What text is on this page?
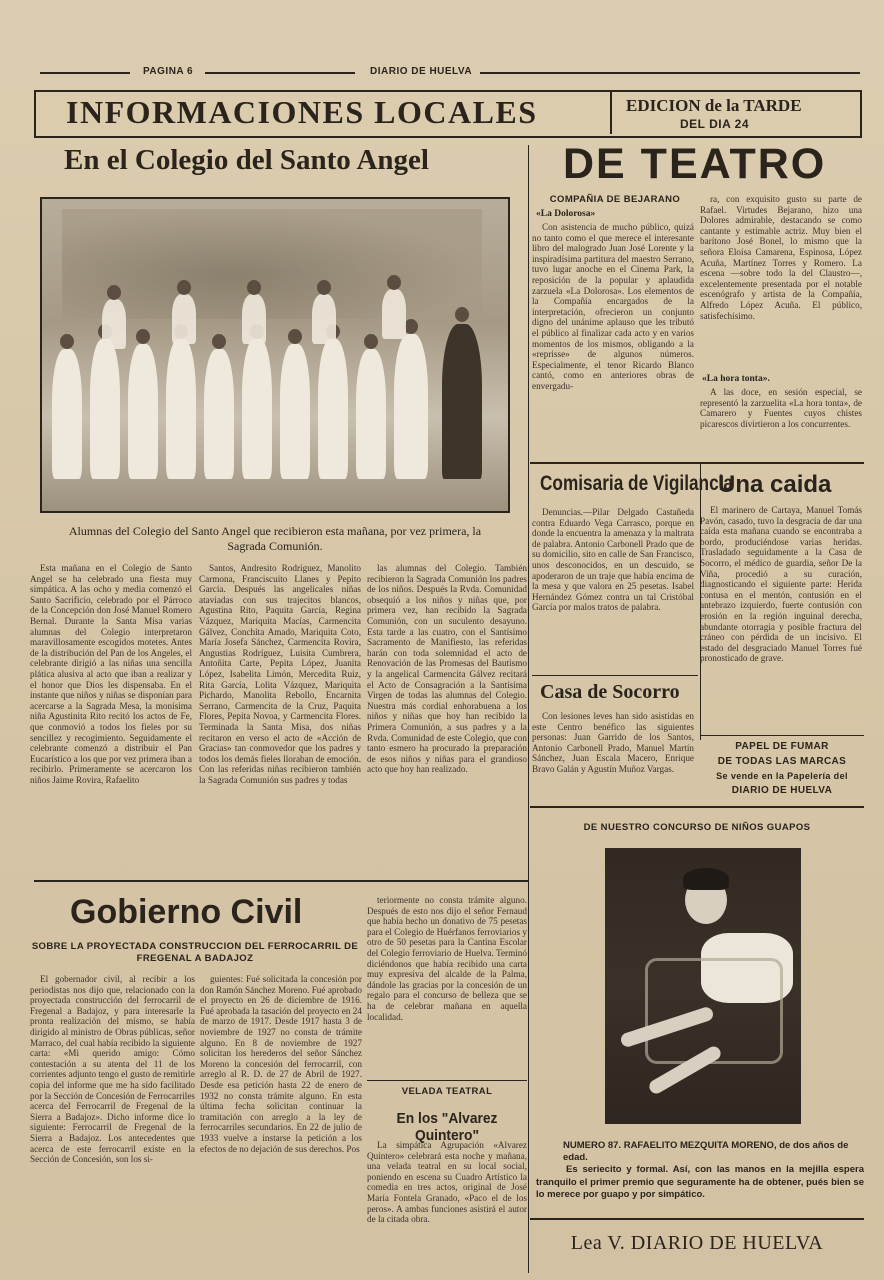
PAGINA 6	DIARIO DE HUELVA
INFORMACIONES LOCALES	EDICION de la TARDE
DEL DIA 24
En el Colegio del Santo Angel
Alumnas del Colegio del Santo Angel que recibieron esta mañana, por vez primera, la Sagrada Comunión.

Esta mañana en el Colegio de Santo Angel se ha celebrado una fiesta muy simpática. A las ocho y media comenzó el Santo Sacrificio, celebrado por el Párroco de la Concepción don José Manuel Romero Bernal. Durante la Santa Misa varias alumnas del Colegio interpretaron maravillosamente escogidos motetes. Antes de la distribución del Pan de los Angeles, el celebrante dirigió a las niñas una sencilla plática alusiva al acto que iban a realizar y el honor que Dios les dispensaba. En el instante que niños y niñas se disponían para acercarse a la Sagrada Mesa, la monísima niña Agustinita Rito recitó los actos de Fe, que conmovió a todos los fieles por su sencillez y recogimiento. Seguidamente el celebrante comenzó a distribuir el Pan Eucarístico a los que por vez primera iban a recibirlo. Primeramente se acercaron los niños Jaime Rovira, Rafaelito

Santos, Andresito Rodríguez, Manolito Carmona, Franciscuito Llanes y Pepito García. Después las angelicales niñas ataviadas con sus trajecitos blancos, Agustina Rito, Paquita García, Regina Vázquez, Mariquita Macías, Carmencita Gálvez, Conchita Amado, Mariquita Coto, María Josefa Sánchez, Carmencita Rovira, Angustias Rodríguez, Luisita Cumbrera, Antoñita Carte, Pepita López, Juanita López, Isabelita Limón, Mercedita Ruiz, Rita García, Lolita Vázquez, Mariquita Pichardo, Manolita Rebollo, Encarnita Serrano, Carmencita de la Cruz, Paquita Flores, Pepita Novoa, y Carmencita Flores. Terminada la Santa Misa, dos niñas recitaron en verso el acto de «Acción de Gracias» tan conmovedor que los padres y todos los demás fieles lloraban de emoción. Con las referidas niñas recibieron también la Sagrada Comunión sus padres y todas

las alumnas del Colegio. También recibieron la Sagrada Comunión los padres de los niños. Después la Rvda. Comunidad obsequió a los niños y niñas que, por primera vez, han recibido la Sagrada Comunión, con un suculento desayuno. Esta tarde a las cuatro, con el Santísimo Sacramento de Manifiesto, las referidas harán con toda solemnidad el acto de Renovación de las Promesas del Bautismo y la angelical Carmencita Gálvez recitará el Acto de Consagración a la Santísima Virgen de todas las alumnas del Colegio. Nuestra más cordial enhorabuena a los niños y niñas que hoy han recibido la Primera Comunión, a sus padres y a la Rvda. Comunidad de este Colegio, que con tanto esmero ha procurado la preparación de esos niños y niñas para el grandioso acto que hoy han realizado.

Gobierno Civil
SOBRE LA PROYECTADA CONSTRUCCION DEL FERROCARRIL DE FREGENAL A BADAJOZ

El gobernador civil, al recibir a los periodistas nos dijo que, relacionado con la proyectada construcción del ferrocarril de Fregenal a Badajoz, y para interesarle la pronta realización del mismo, se había dirigido al ministro de Obras públicas, señor Marraco, del cual había recibido la siguiente carta: «Mi querido amigo: Cómo contestación a su atenta del 11 de los corrientes adjunto tengo el gusto de remitirle copia del informe que me ha sido facilitado por la Sección de Concesión de Ferrocarriles acerca del Ferrocarril de Fregenal de la Sierra a Badajoz». Dicho informe dice lo siguiente: Ferrocarril de Fregenal de la Sierra a Badajoz. Los antecedentes que acerca de este ferrocarril existe en la Sección de Concesión, son los si-

guientes: Fué solicitada la concesión por don Ramón Sánchez Moreno. Fué aprobado el proyecto en 26 de diciembre de 1916. Fué aprobada la tasación del proyecto en 24 de marzo de 1917. Desde 1917 hasta 3 de noviembre de 1927 no consta de trámite alguno. En 8 de noviembre de 1927 solicitan los herederos del señor Sánchez Moreno la concesión del ferrocarril, con arreglo al R. D. de 27 de Abril de 1927. Desde esa petición hasta 22 de enero de 1932 no consta trámite alguno. En esta última fecha solicitan continuar la tramitación con arreglo a la ley de ferrocarriles secundarios. En 22 de julio de 1933 vuelve a instarse la petición a los efectos de no dejación de sus derechos. Pos

teriormente no consta trámite alguno. Después de esto nos dijo el señor Fernaud que había hecho un donativo de 75 pesetas para el Colegio de Huérfanos ferroviarios y otro de 50 pesetas para la Cantina Escolar del Colegio ferroviario de Huelva. Terminó diciéndonos que había recibido una carta muy expresiva del alcalde de la Palma, dándole las gracias por la concesión de un regalo para el concurso de belleza que se ha de celebrar mañana en aquella localidad.

VELADA TEATRAL
En los "Alvarez Quintero"

La simpática Agrupación «Alvarez Quintero» celebrará esta noche y mañana, una velada teatral en su local social, poniendo en escena su Cuadro Artístico la comedia en tres actos, original de José María Fontela Granado, «Paco el de los peros». A ambas funciones asistirá el autor de la citada obra.

DE TEATRO
COMPAÑIA DE BEJARANO
«La Dolorosa»

Con asistencia de mucho público, quizá no tanto como el que merece el interesante libro del malogrado Juan José Lorente y la inspiradísima partitura del maestro Serrano, tuvo lugar anoche en el Cinema Park, la reposición de la popular y aplaudida zarzuela «La Dolorosa». Los elementos de la Compañía encargados de la interpretación, ofrecieron un conjunto digno del unánime aplauso que les tributó el público al finalizar cada acto y en varios momentos de los mismos, obligando a la «reprisse» de algunos números. Especialmente, el tenor Ricardo Blanco cantó, como en anteriores obras de envergadu-

ra, con exquisito gusto su parte de Rafael. Virtudes Bejarano, hizo una Dolores admirable, destacando se como cantante y estimable actriz. Muy bien el barítono José Bonel, lo mismo que la señora Eloísa Camarena, Espinosa, López Acuña, Martínez Torres y Romero. La escena —sobre todo la del Claustro—, excelentemente presentada por el notable escenógrafo y artista de la Compañía, Alfredo López Acuña. El público, satisfechísimo.

«La hora tonta».

A las doce, en sesión especial, se representó la zarzuelita «La hora tonta», de Camarero y Fuentes cuyos chistes picarescos divirtieron a los concurrentes.

Comisaria de Vigilancia

Denuncias.—Pilar Delgado Castañeda contra Eduardo Vega Carrasco, porque en donde la encuentra la amenaza y la maltrata de palabra. Antonio Carbonell Prado que de su domicilio, sito en calle de San Francisco, unos desconocidos, en un descuido, se apoderaron de un traje que había encima de la mesa y que valora en 25 pesetas. Isabel Hernández Gómez contra un tal Cristóbal García por malos tratos de palabra.

Casa de Socorro

Con lesiones leves han sido asistidas en este Centro benéfico las siguientes personas: Juan Garrido de los Santos, Antonio Carbonell Prado, Manuel Martín Sánchez, Juan Escala Macero, Enrique Bravo Galán y Agustín Muñoz Vargas.

Una caida

El marinero de Cartaya, Manuel Tomás Pavón, casado, tuvo la desgracia de dar una caída esta mañana cuando se encontraba a bordo, produciéndose varias heridas. Trasladado seguidamente a la Casa de Socorro, el médico de guardia, señor De la Viña, procedió a su curación, diagnosticando el siguiente parte: Herida contusa en el mentón, contusión en el antebrazo izquierdo, fuerte contusión con erosión en la región inguinal derecha, abundante otorragia y posible fractura del cráneo con pérdida de un incisivo. El estado del desgraciado Manuel Torres fué pronosticado de grave.

PAPEL DE FUMAR
DE TODAS LAS MARCAS
Se vende en la Papelería del
DIARIO DE HUELVA
DE NUESTRO CONCURSO DE NIÑOS GUAPOS
NUMERO 87. RAFAELITO MEZQUITA MORENO, de dos años de edad.
Es seriecito y formal. Así, con las manos en la mejilla espera tranquilo el primer premio que seguramente ha de obtener, pués bien se lo merece por guapo y por simpático.
Lea V. DIARIO DE HUELVA
